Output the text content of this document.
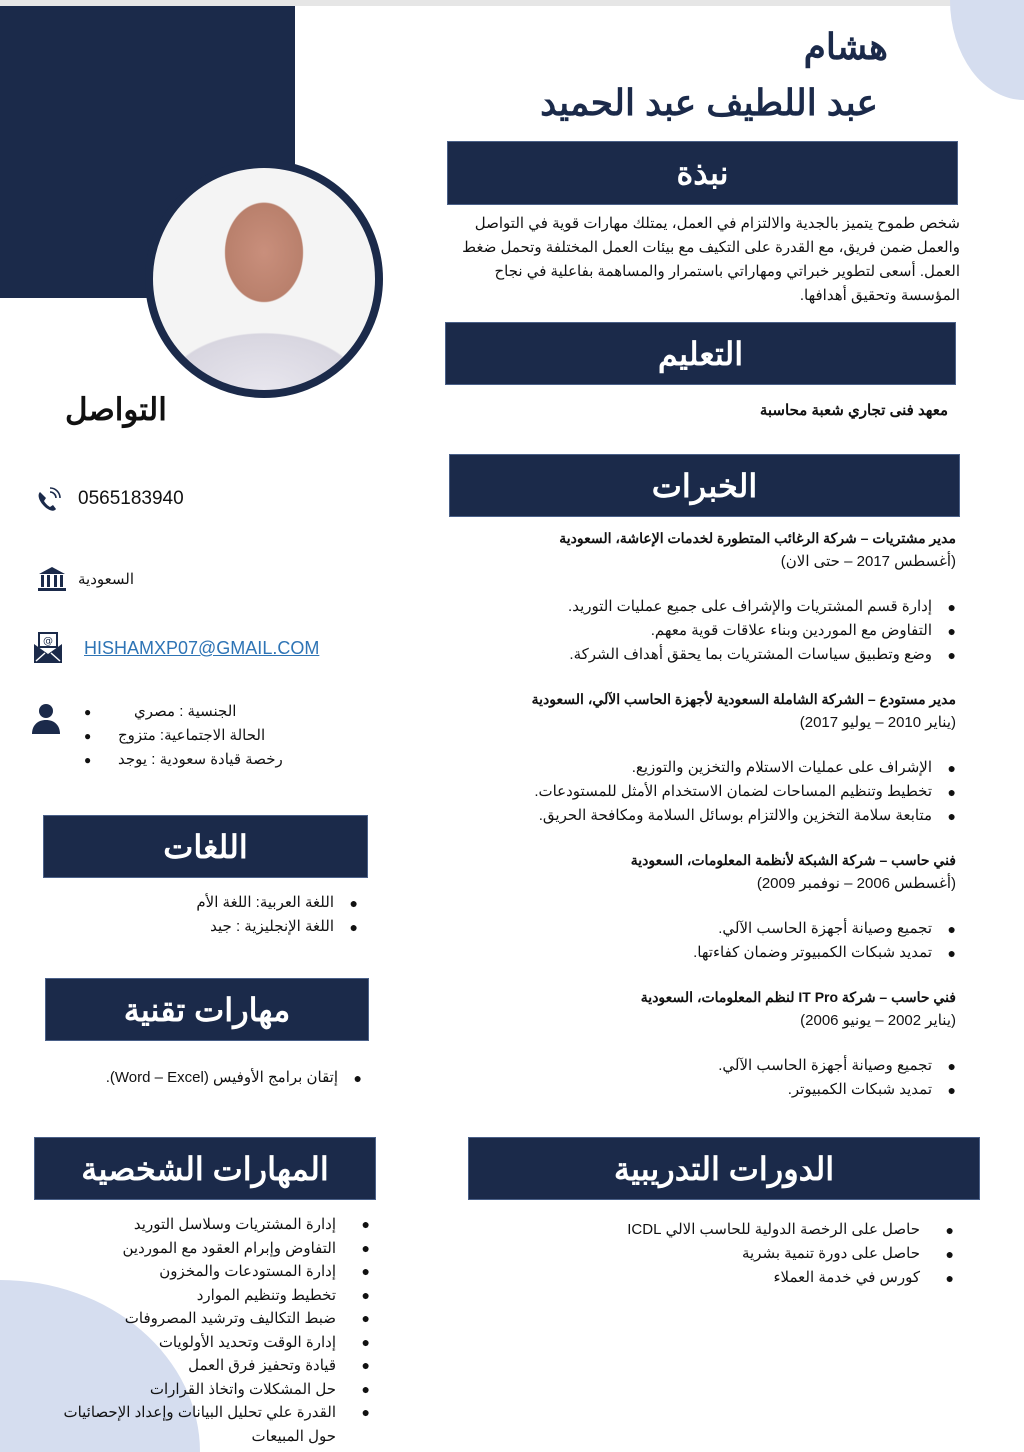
هشام
عبد اللطيف عبد الحميد
نبذة
شخص طموح يتميز بالجدية والالتزام في العمل، يمتلك مهارات قوية في التواصل والعمل ضمن فريق، مع القدرة على التكيف مع بيئات العمل المختلفة وتحمل ضغط العمل. أسعى لتطوير خبراتي ومهاراتي باستمرار والمساهمة بفاعلية في نجاح المؤسسة وتحقيق أهدافها.
التعليم
معهد فنى تجاري شعبة محاسبة
الخبرات
مدير مشتريات – شركة الرغائب المتطورة لخدمات الإعاشة، السعودية
(أغسطس 2017 – حتى الان)
●
إدارة قسم المشتريات والإشراف على جميع عمليات التوريد.
●
التفاوض مع الموردين وبناء علاقات قوية معهم.
●
وضع وتطبيق سياسات المشتريات بما يحقق أهداف الشركة.
مدير مستودع – الشركة الشاملة السعودية لأجهزة الحاسب الآلي، السعودية
(يناير 2010 – يوليو 2017)
●
الإشراف على عمليات الاستلام والتخزين والتوزيع.
●
تخطيط وتنظيم المساحات لضمان الاستخدام الأمثل للمستودعات.
●
متابعة سلامة التخزين والالتزام بوسائل السلامة ومكافحة الحريق.
فني حاسب – شركة الشبكة لأنظمة المعلومات، السعودية
(أغسطس 2006 – نوفمبر 2009)
●
تجميع وصيانة أجهزة الحاسب الآلي.
●
تمديد شبكات الكمبيوتر وضمان كفاءتها.
فني حاسب – شركة IT Pro لنظم المعلومات، السعودية
(يناير 2002 – يونيو 2006)
●
تجميع وصيانة أجهزة الحاسب الآلي.
●
تمديد شبكات الكمبيوتر.
التواصل
0565183940
السعودية
@ HISHAMXP07@GMAIL.COM
●	الجنسية : مصري
●	الحالة الاجتماعية: متزوج
●	رخصة قيادة سعودية : يوجد
اللغات
●
اللغة العربية: اللغة الأم
●
اللغة الإنجليزية : جيد
مهارات تقنية
●
إتقان برامج الأوفيس (Word – Excel).
المهارات الشخصية
●
إدارة المشتريات وسلاسل التوريد
●
التفاوض وإبرام العقود مع الموردين
●
إدارة المستودعات والمخزون
●
تخطيط وتنظيم الموارد
●
ضبط التكاليف وترشيد المصروفات
●
إدارة الوقت وتحديد الأولويات
●
قيادة وتحفيز فرق العمل
●
حل المشكلات واتخاذ القرارات
●
القدرة علي تحليل البيانات وإعداد الإحصائيات حول المبيعات
الدورات التدريبية
●
حاصل على الرخصة الدولية للحاسب الالي ICDL
●
حاصل على دورة تنمية بشرية
●
كورس في خدمة العملاء
